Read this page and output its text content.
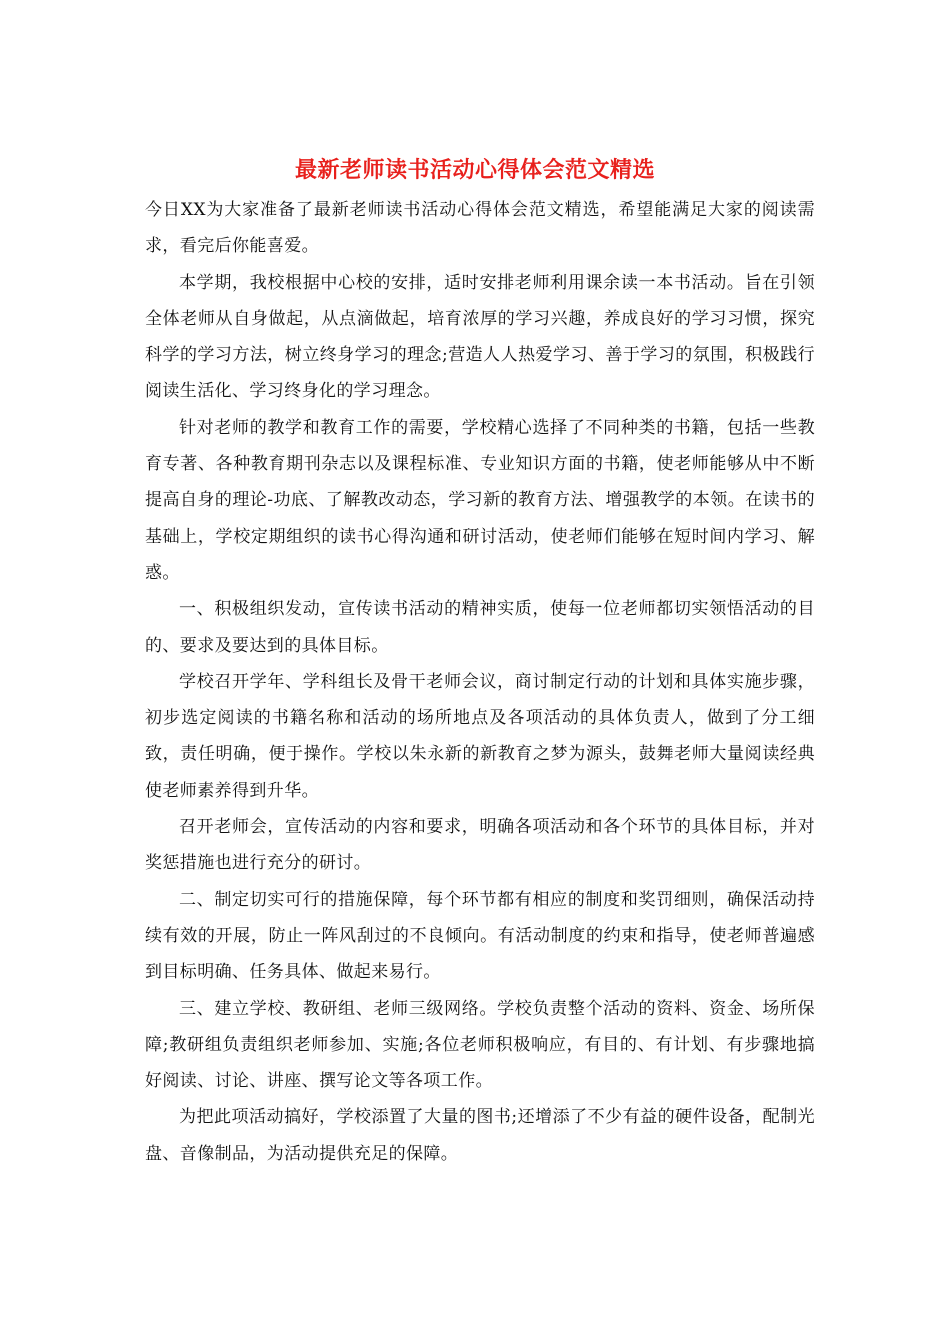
最新老师读书活动心得体会范文精选

今日XX为大家准备了最新老师读书活动心得体会范文精选，希望能满足大家的阅读需求，看完后你能喜爱。

本学期，我校根据中心校的安排，适时安排老师利用课余读一本书活动。旨在引领全体老师从自身做起，从点滴做起，培育浓厚的学习兴趣，养成良好的学习习惯，探究科学的学习方法，树立终身学习的理念;营造人人热爱学习、善于学习的氛围，积极践行阅读生活化、学习终身化的学习理念。

针对老师的教学和教育工作的需要，学校精心选择了不同种类的书籍，包括一些教育专著、各种教育期刊杂志以及课程标准、专业知识方面的书籍，使老师能够从中不断提高自身的理论-功底、了解教改动态，学习新的教育方法、增强教学的本领。在读书的基础上，学校定期组织的读书心得沟通和研讨活动，使老师们能够在短时间内学习、解惑。

一、积极组织发动，宣传读书活动的精神实质，使每一位老师都切实领悟活动的目的、要求及要达到的具体目标。

学校召开学年、学科组长及骨干老师会议，商讨制定行动的计划和具体实施步骤，初步选定阅读的书籍名称和活动的场所地点及各项活动的具体负责人，做到了分工细致，责任明确，便于操作。学校以朱永新的新教育之梦为源头，鼓舞老师大量阅读经典使老师素养得到升华。

召开老师会，宣传活动的内容和要求，明确各项活动和各个环节的具体目标，并对奖惩措施也进行充分的研讨。

二、制定切实可行的措施保障，每个环节都有相应的制度和奖罚细则，确保活动持续有效的开展，防止一阵风刮过的不良倾向。有活动制度的约束和指导，使老师普遍感到目标明确、任务具体、做起来易行。

三、建立学校、教研组、老师三级网络。学校负责整个活动的资料、资金、场所保障;教研组负责组织老师参加、实施;各位老师积极响应，有目的、有计划、有步骤地搞好阅读、讨论、讲座、撰写论文等各项工作。

为把此项活动搞好，学校添置了大量的图书;还增添了不少有益的硬件设备，配制光盘、音像制品，为活动提供充足的保障。
